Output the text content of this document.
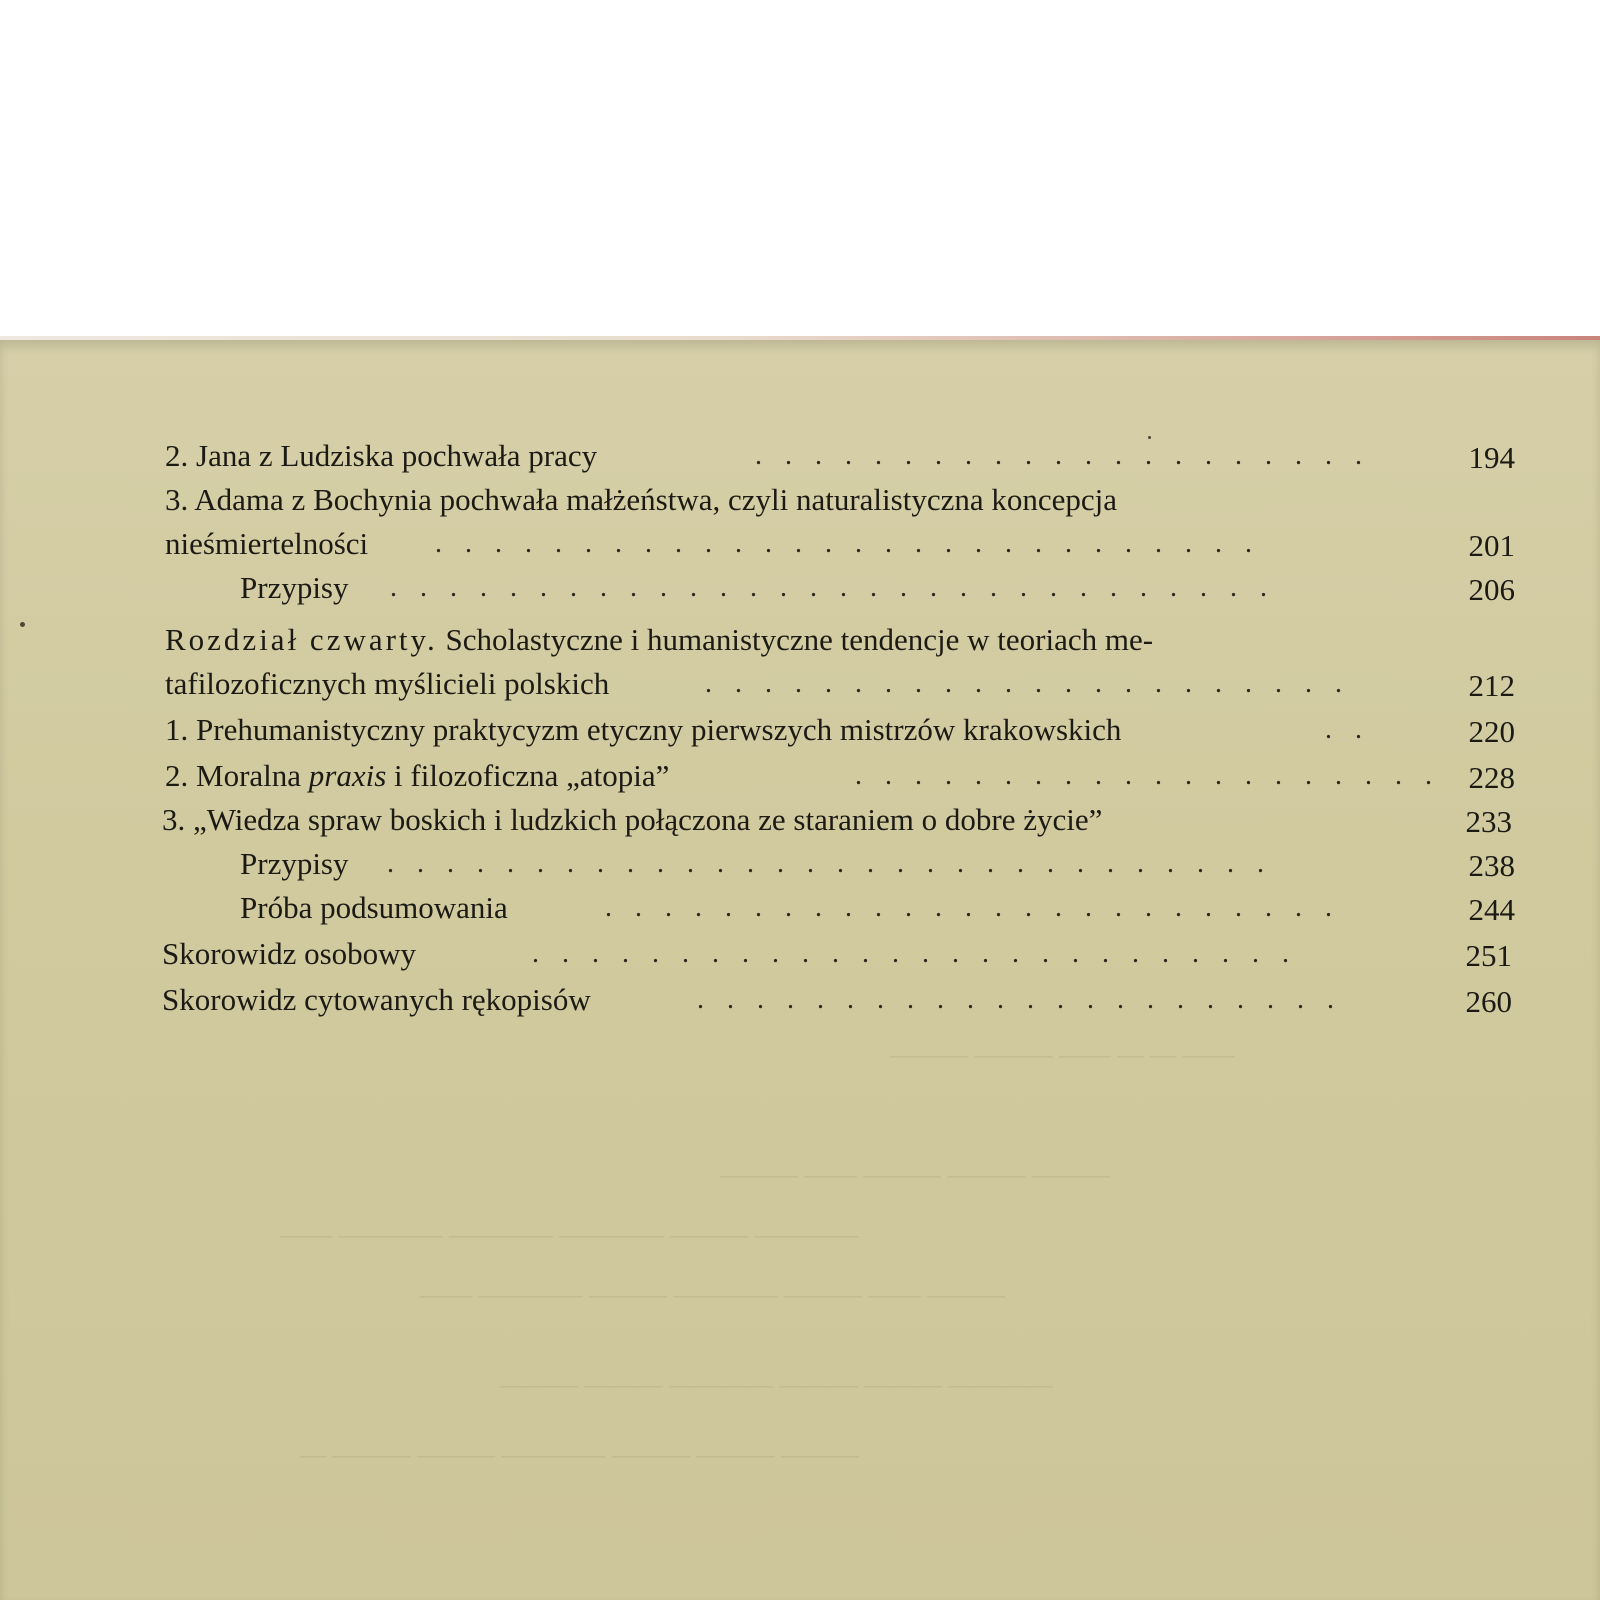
2. Jana z Ludziska pochwała pracy	. . . . . . . . . . . . . . . . . . . . .	194
3. Adama z Bochynia pochwała małżeństwa, czyli naturalistyczna koncepcja
nieśmiertelności . . . . . . . . . . . . . . . . . . . . . . . . . . . .	201
Przypisy . . . . . . . . . . . . . . . . . . . . . . . . . . . . . .	206
Rozdział czwarty. Scholastyczne i humanistyczne tendencje w teoriach me-
tafilozoficznych myślicieli polskich	. . . . . . . . . . . . . . . . . . . . . .	212
1. Prehumanistyczny praktycyzm etyczny pierwszych mistrzów krakowskich	. .	220
2. Moralna praxis i filozoficzna „atopia”	. . . . . . . . . . . . . . . . . . . . 228
3. „Wiedza spraw boskich i ludzkich połączona ze staraniem o dobre życie”	233
Przypisy . . . . . . . . . . . . . . . . . . . . . . . . . . . . . .	238
Próba podsumowania	. . . . . . . . . . . . . . . . . . . . . . . . .	244
Skorowidz osobowy	. . . . . . . . . . . . . . . . . . . . . . . . . .	251
Skorowidz cytowanych rękopisów	. . . . . . . . . . . . . . . . . . . . . .	260
—— — — —— ——— ———
——— ——— ——— —— ———
———— ——— ———— ———— ———— ——
——— —— ——— ———— ——— ———— ——
———— ——— ——— ———— ——— ———
——— ——— ——— ———— ——— ——— —
